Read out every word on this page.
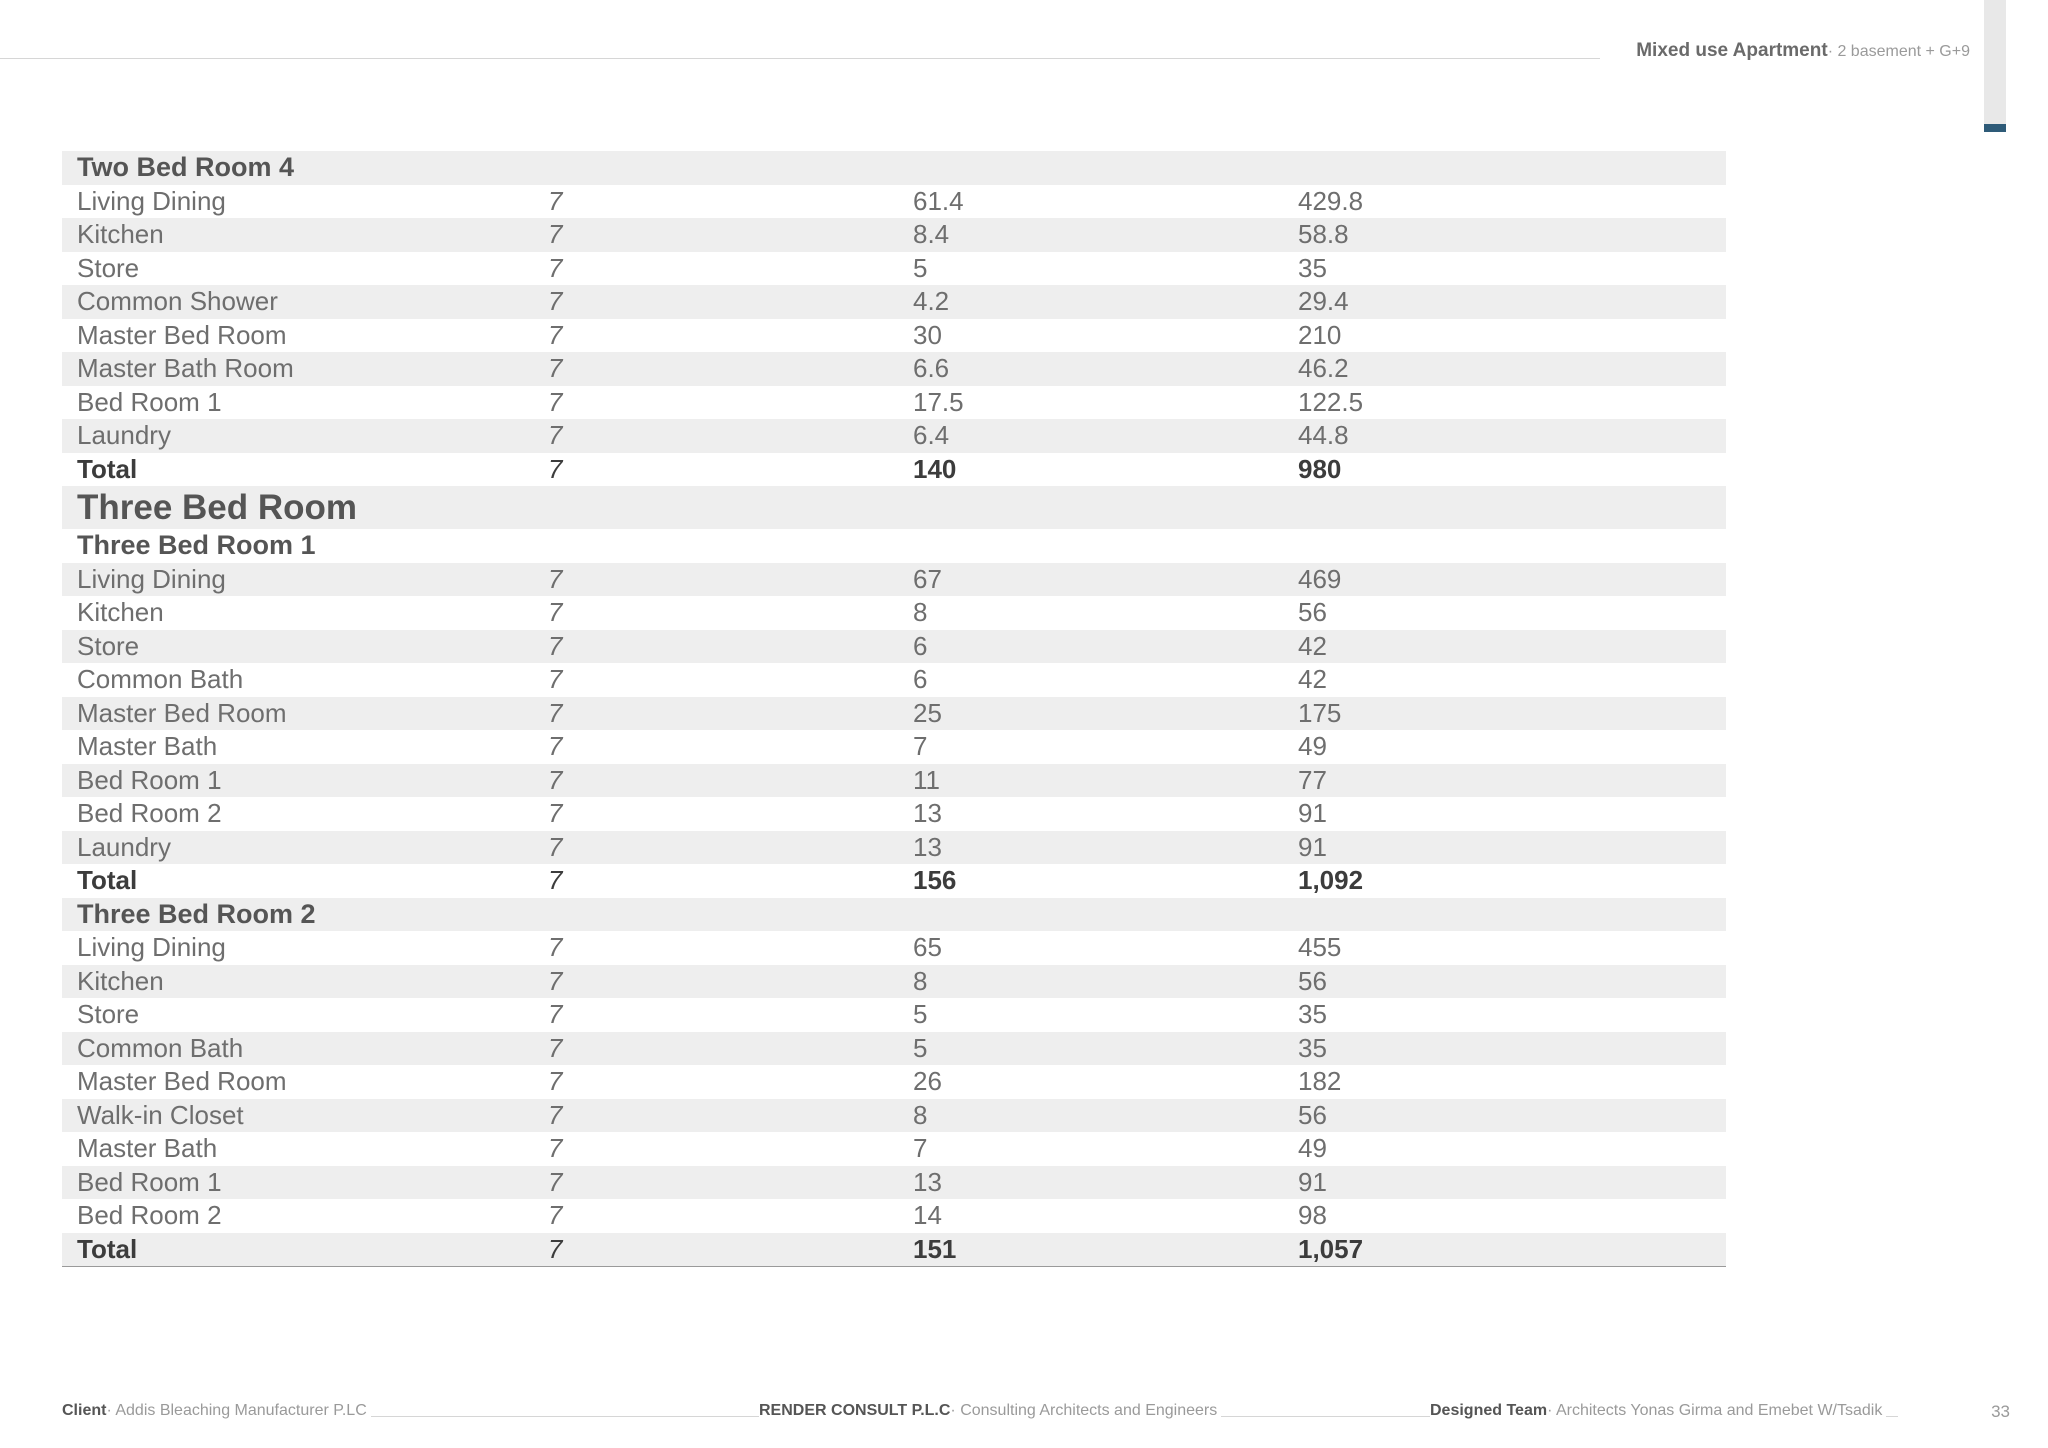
Mixed use Apartment· 2 basement + G+9
Two Bed Room 4
Living Dining	7	61.4	429.8
Kitchen	7	8.4	58.8
Store	7	5	35
Common Shower	7	4.2	29.4
Master Bed Room	7	30	210
Master Bath Room	7	6.6	46.2
Bed Room 1	7	17.5	122.5
Laundry	7	6.4	44.8
Total	7	140	980
Three Bed Room
Three Bed Room 1
Living Dining	7	67	469
Kitchen	7	8	56
Store	7	6	42
Common Bath	7	6	42
Master Bed Room	7	25	175
Master Bath	7	7	49
Bed Room 1	7	11	77
Bed Room 2	7	13	91
Laundry	7	13	91
Total	7	156	1,092
Three Bed Room 2
Living Dining	7	65	455
Kitchen	7	8	56
Store	7	5	35
Common Bath	7	5	35
Master Bed Room	7	26	182
Walk-in Closet	7	8	56
Master Bath	7	7	49
Bed Room 1	7	13	91
Bed Room 2	7	14	98
Total	7	151	1,057
Client· Addis Bleaching Manufacturer P.LC	RENDER CONSULT P.L.C· Consulting Architects and Engineers	Designed Team· Architects Yonas Girma and Emebet W/Tsadik	33
